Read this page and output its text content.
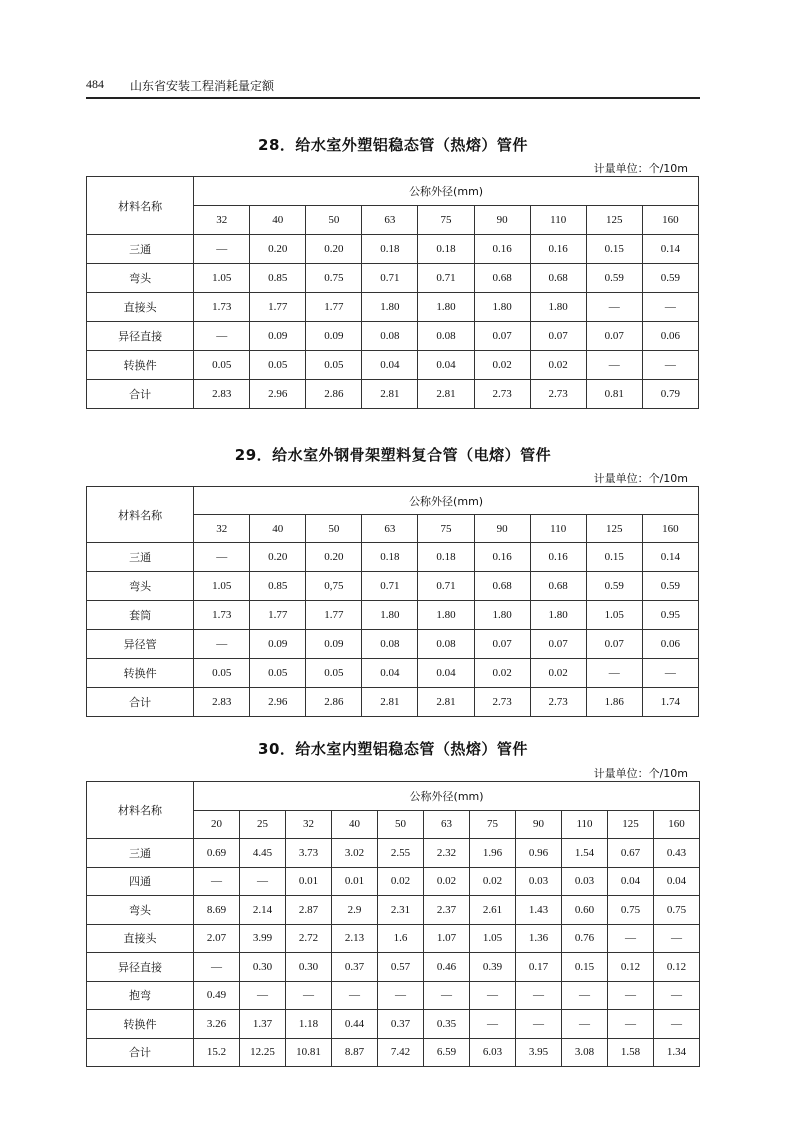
484 山东省安装工程消耗量定额
28．给水室外塑铝稳态管（热熔）管件
计量单位：个/10m
材料名称	公称外径(mm)								
	32	40	50	63	75	90	110	125	160
三通	—	0.20	0.20	0.18	0.18	0.16	0.16	0.15	0.14
弯头	1.05	0.85	0.75	0.71	0.71	0.68	0.68	0.59	0.59
直接头	1.73	1.77	1.77	1.80	1.80	1.80	1.80	—	—
异径直接	—	0.09	0.09	0.08	0.08	0.07	0.07	0.07	0.06
转换件	0.05	0.05	0.05	0.04	0.04	0.02	0.02	—	—
合计	2.83	2.96	2.86	2.81	2.81	2.73	2.73	0.81	0.79
29．给水室外钢骨架塑料复合管（电熔）管件
计量单位：个/10m
材料名称	公称外径(mm)								
	32	40	50	63	75	90	110	125	160
三通	—	0.20	0.20	0.18	0.18	0.16	0.16	0.15	0.14
弯头	1.05	0.85	0,75	0.71	0.71	0.68	0.68	0.59	0.59
套筒	1.73	1.77	1.77	1.80	1.80	1.80	1.80	1.05	0.95
异径管	—	0.09	0.09	0.08	0.08	0.07	0.07	0.07	0.06
转换件	0.05	0.05	0.05	0.04	0.04	0.02	0.02	—	—
合计	2.83	2.96	2.86	2.81	2.81	2.73	2.73	1.86	1.74
30．给水室内塑铝稳态管（热熔）管件
计量单位：个/10m
材料名称	公称外径(mm)										
	20	25	32	40	50	63	75	90	110	125	160
三通	0.69	4.45	3.73	3.02	2.55	2.32	1.96	0.96	1.54	0.67	0.43
四通	—	—	0.01	0.01	0.02	0.02	0.02	0.03	0.03	0.04	0.04
弯头	8.69	2.14	2.87	2.9	2.31	2.37	2.61	1.43	0.60	0.75	0.75
直接头	2.07	3.99	2.72	2.13	1.6	1.07	1.05	1.36	0.76	—	—
异径直接	—	0.30	0.30	0.37	0.57	0.46	0.39	0.17	0.15	0.12	0.12
抱弯	0.49	—	—	—	—	—	—	—	—	—	—
转换件	3.26	1.37	1.18	0.44	0.37	0.35	—	—	—	—	—
合计	15.2	12.25	10.81	8.87	7.42	6.59	6.03	3.95	3.08	1.58	1.34
